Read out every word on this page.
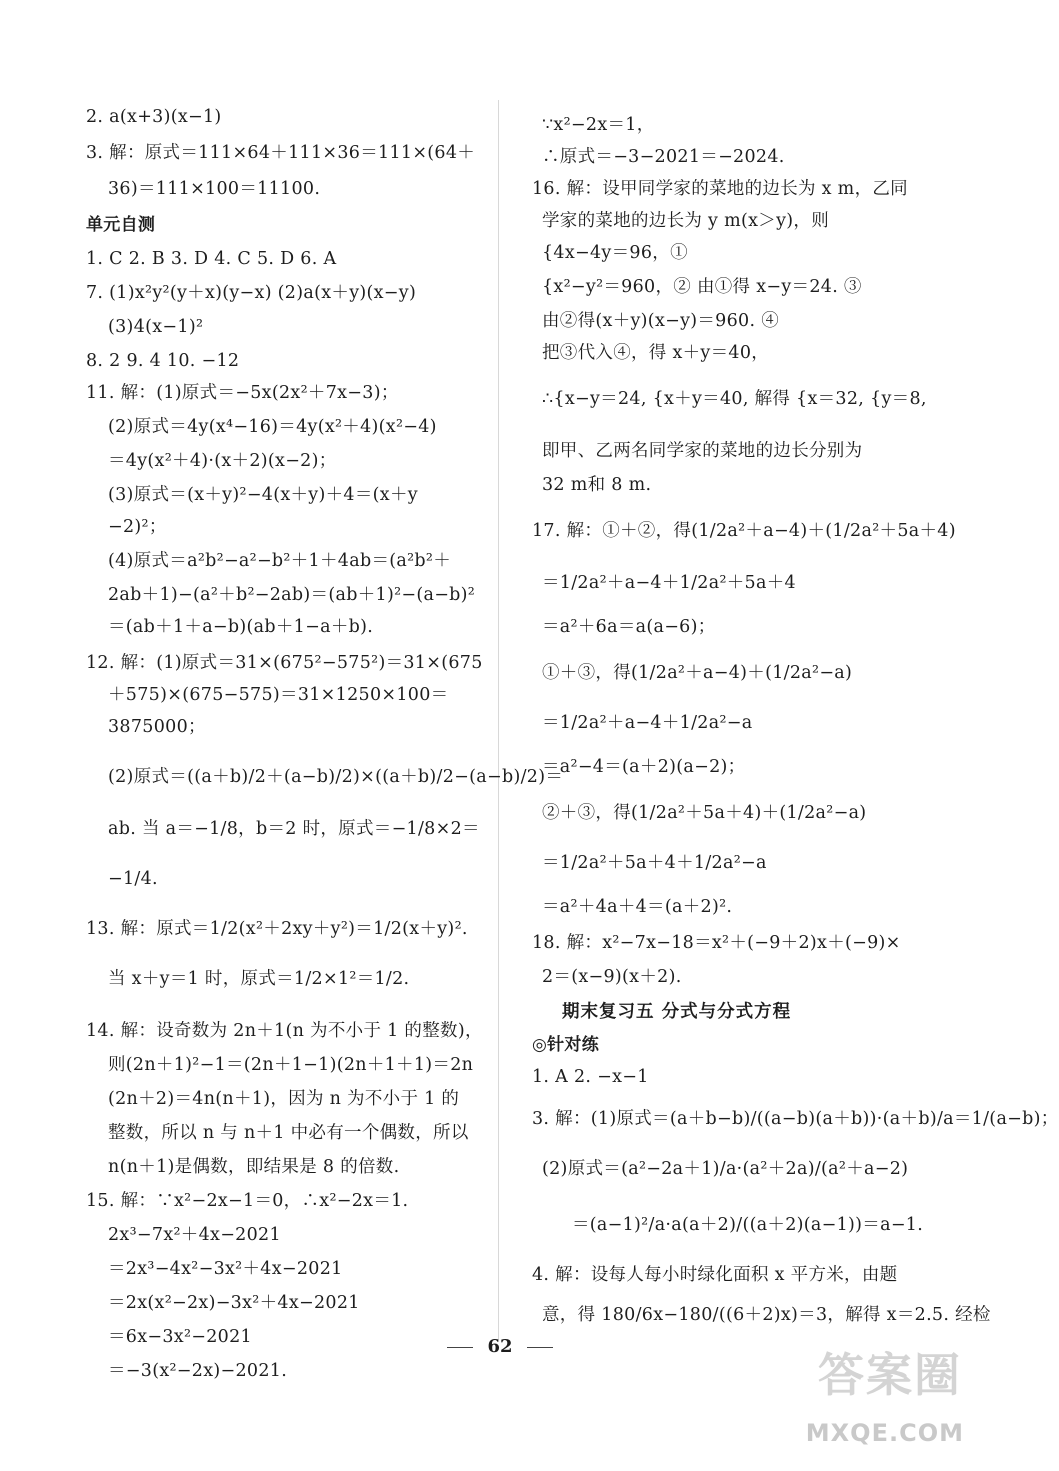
2. a(x+3)(x−1)
3. 解：原式＝111×64＋111×36＝111×(64＋
36)＝111×100＝11100.
单元自测
1. C 2. B 3. D 4. C 5. D 6. A
7. (1)x²y²(y＋x)(y−x) (2)a(x＋y)(x−y)
(3)4(x−1)²
8. 2 9. 4 10. −12
11. 解：(1)原式＝−5x(2x²＋7x−3)；
(2)原式＝4y(x⁴−16)＝4y(x²＋4)(x²−4)
＝4y(x²＋4)·(x＋2)(x−2)；
(3)原式＝(x＋y)²−4(x＋y)＋4＝(x＋y
−2)²；
(4)原式＝a²b²−a²−b²＋1＋4ab＝(a²b²＋
2ab＋1)−(a²＋b²−2ab)＝(ab＋1)²−(a−b)²
＝(ab＋1＋a−b)(ab＋1−a＋b).
12. 解：(1)原式＝31×(675²−575²)＝31×(675
＋575)×(675−575)＝31×1250×100＝
3875000；
(2)原式＝((a＋b)/2＋(a−b)/2)×((a＋b)/2−(a−b)/2)＝
ab. 当 a＝−1/8，b＝2 时，原式＝−1/8×2＝
−1/4.
13. 解：原式＝1/2(x²＋2xy＋y²)＝1/2(x＋y)².
当 x＋y＝1 时，原式＝1/2×1²＝1/2.
14. 解：设奇数为 2n＋1(n 为不小于 1 的整数)，
则(2n＋1)²−1＝(2n＋1−1)(2n＋1＋1)＝2n
(2n＋2)＝4n(n＋1)，因为 n 为不小于 1 的
整数，所以 n 与 n＋1 中必有一个偶数，所以
n(n＋1)是偶数，即结果是 8 的倍数.
15. 解：∵x²−2x−1＝0，∴x²−2x＝1.
2x³−7x²＋4x−2021
＝2x³−4x²−3x²＋4x−2021
＝2x(x²−2x)−3x²＋4x−2021
＝6x−3x²−2021
＝−3(x²−2x)−2021.
∵x²−2x＝1，
∴原式＝−3−2021＝−2024.
16. 解：设甲同学家的菜地的边长为 x m，乙同
学家的菜地的边长为 y m(x＞y)，则
{4x−4y＝96，①
{x²−y²＝960，② 由①得 x−y＝24. ③
由②得(x＋y)(x−y)＝960. ④
把③代入④，得 x＋y＝40，
∴{x−y＝24, {x＋y＝40, 解得 {x＝32, {y＝8,
即甲、乙两名同学家的菜地的边长分别为
32 m和 8 m.
17. 解：①＋②，得(1/2a²＋a−4)＋(1/2a²＋5a＋4)
＝1/2a²＋a−4＋1/2a²＋5a＋4
＝a²＋6a＝a(a−6)；
①＋③，得(1/2a²＋a−4)＋(1/2a²−a)
＝1/2a²＋a−4＋1/2a²−a
＝a²−4＝(a＋2)(a−2)；
②＋③，得(1/2a²＋5a＋4)＋(1/2a²−a)
＝1/2a²＋5a＋4＋1/2a²−a
＝a²＋4a＋4＝(a＋2)².
18. 解：x²−7x−18＝x²＋(−9＋2)x＋(−9)×
2＝(x−9)(x＋2).
期末复习五 分式与分式方程
◎针对练
1. A 2. −x−1
3. 解：(1)原式＝(a＋b−b)/((a−b)(a＋b))·(a＋b)/a＝1/(a−b)；
(2)原式＝(a²−2a＋1)/a·(a²＋2a)/(a²＋a−2)
＝(a−1)²/a·a(a＋2)/((a＋2)(a−1))＝a−1.
4. 解：设每人每小时绿化面积 x 平方米，由题
意，得 180/6x−180/((6＋2)x)＝3，解得 x＝2.5. 经检
62
答案圈
MXQE.COM
